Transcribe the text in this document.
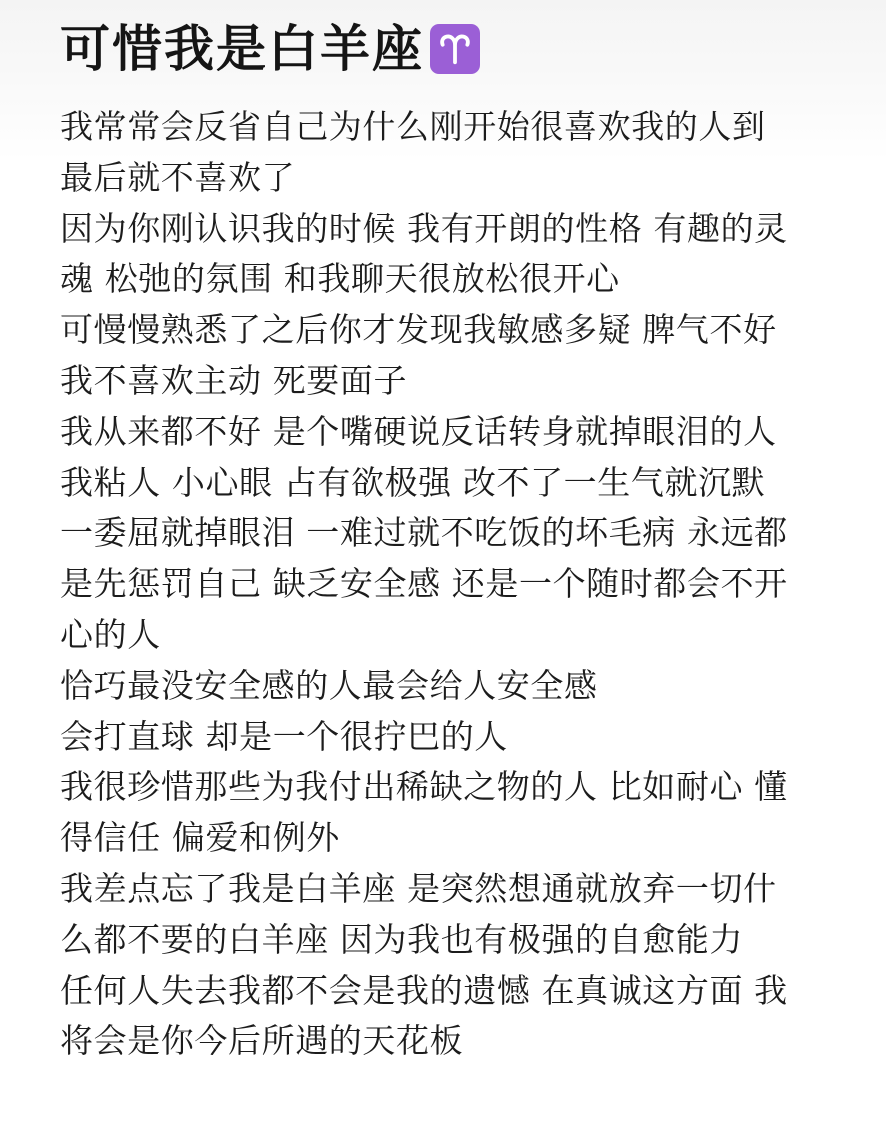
可惜我是白羊座
我常常会反省自己为什么刚开始很喜欢我的人到
最后就不喜欢了
因为你刚认识我的时候 我有开朗的性格 有趣的灵
魂 松弛的氛围 和我聊天很放松很开心
可慢慢熟悉了之后你才发现我敏感多疑 脾气不好
我不喜欢主动 死要面子
我从来都不好 是个嘴硬说反话转身就掉眼泪的人
我粘人 小心眼 占有欲极强 改不了一生气就沉默
一委屈就掉眼泪 一难过就不吃饭的坏毛病 永远都
是先惩罚自己 缺乏安全感 还是一个随时都会不开
心的人
恰巧最没安全感的人最会给人安全感
会打直球 却是一个很拧巴的人
我很珍惜那些为我付出稀缺之物的人 比如耐心 懂
得信任 偏爱和例外
我差点忘了我是白羊座 是突然想通就放弃一切什
么都不要的白羊座 因为我也有极强的自愈能力
任何人失去我都不会是我的遗憾 在真诚这方面 我
将会是你今后所遇的天花板
